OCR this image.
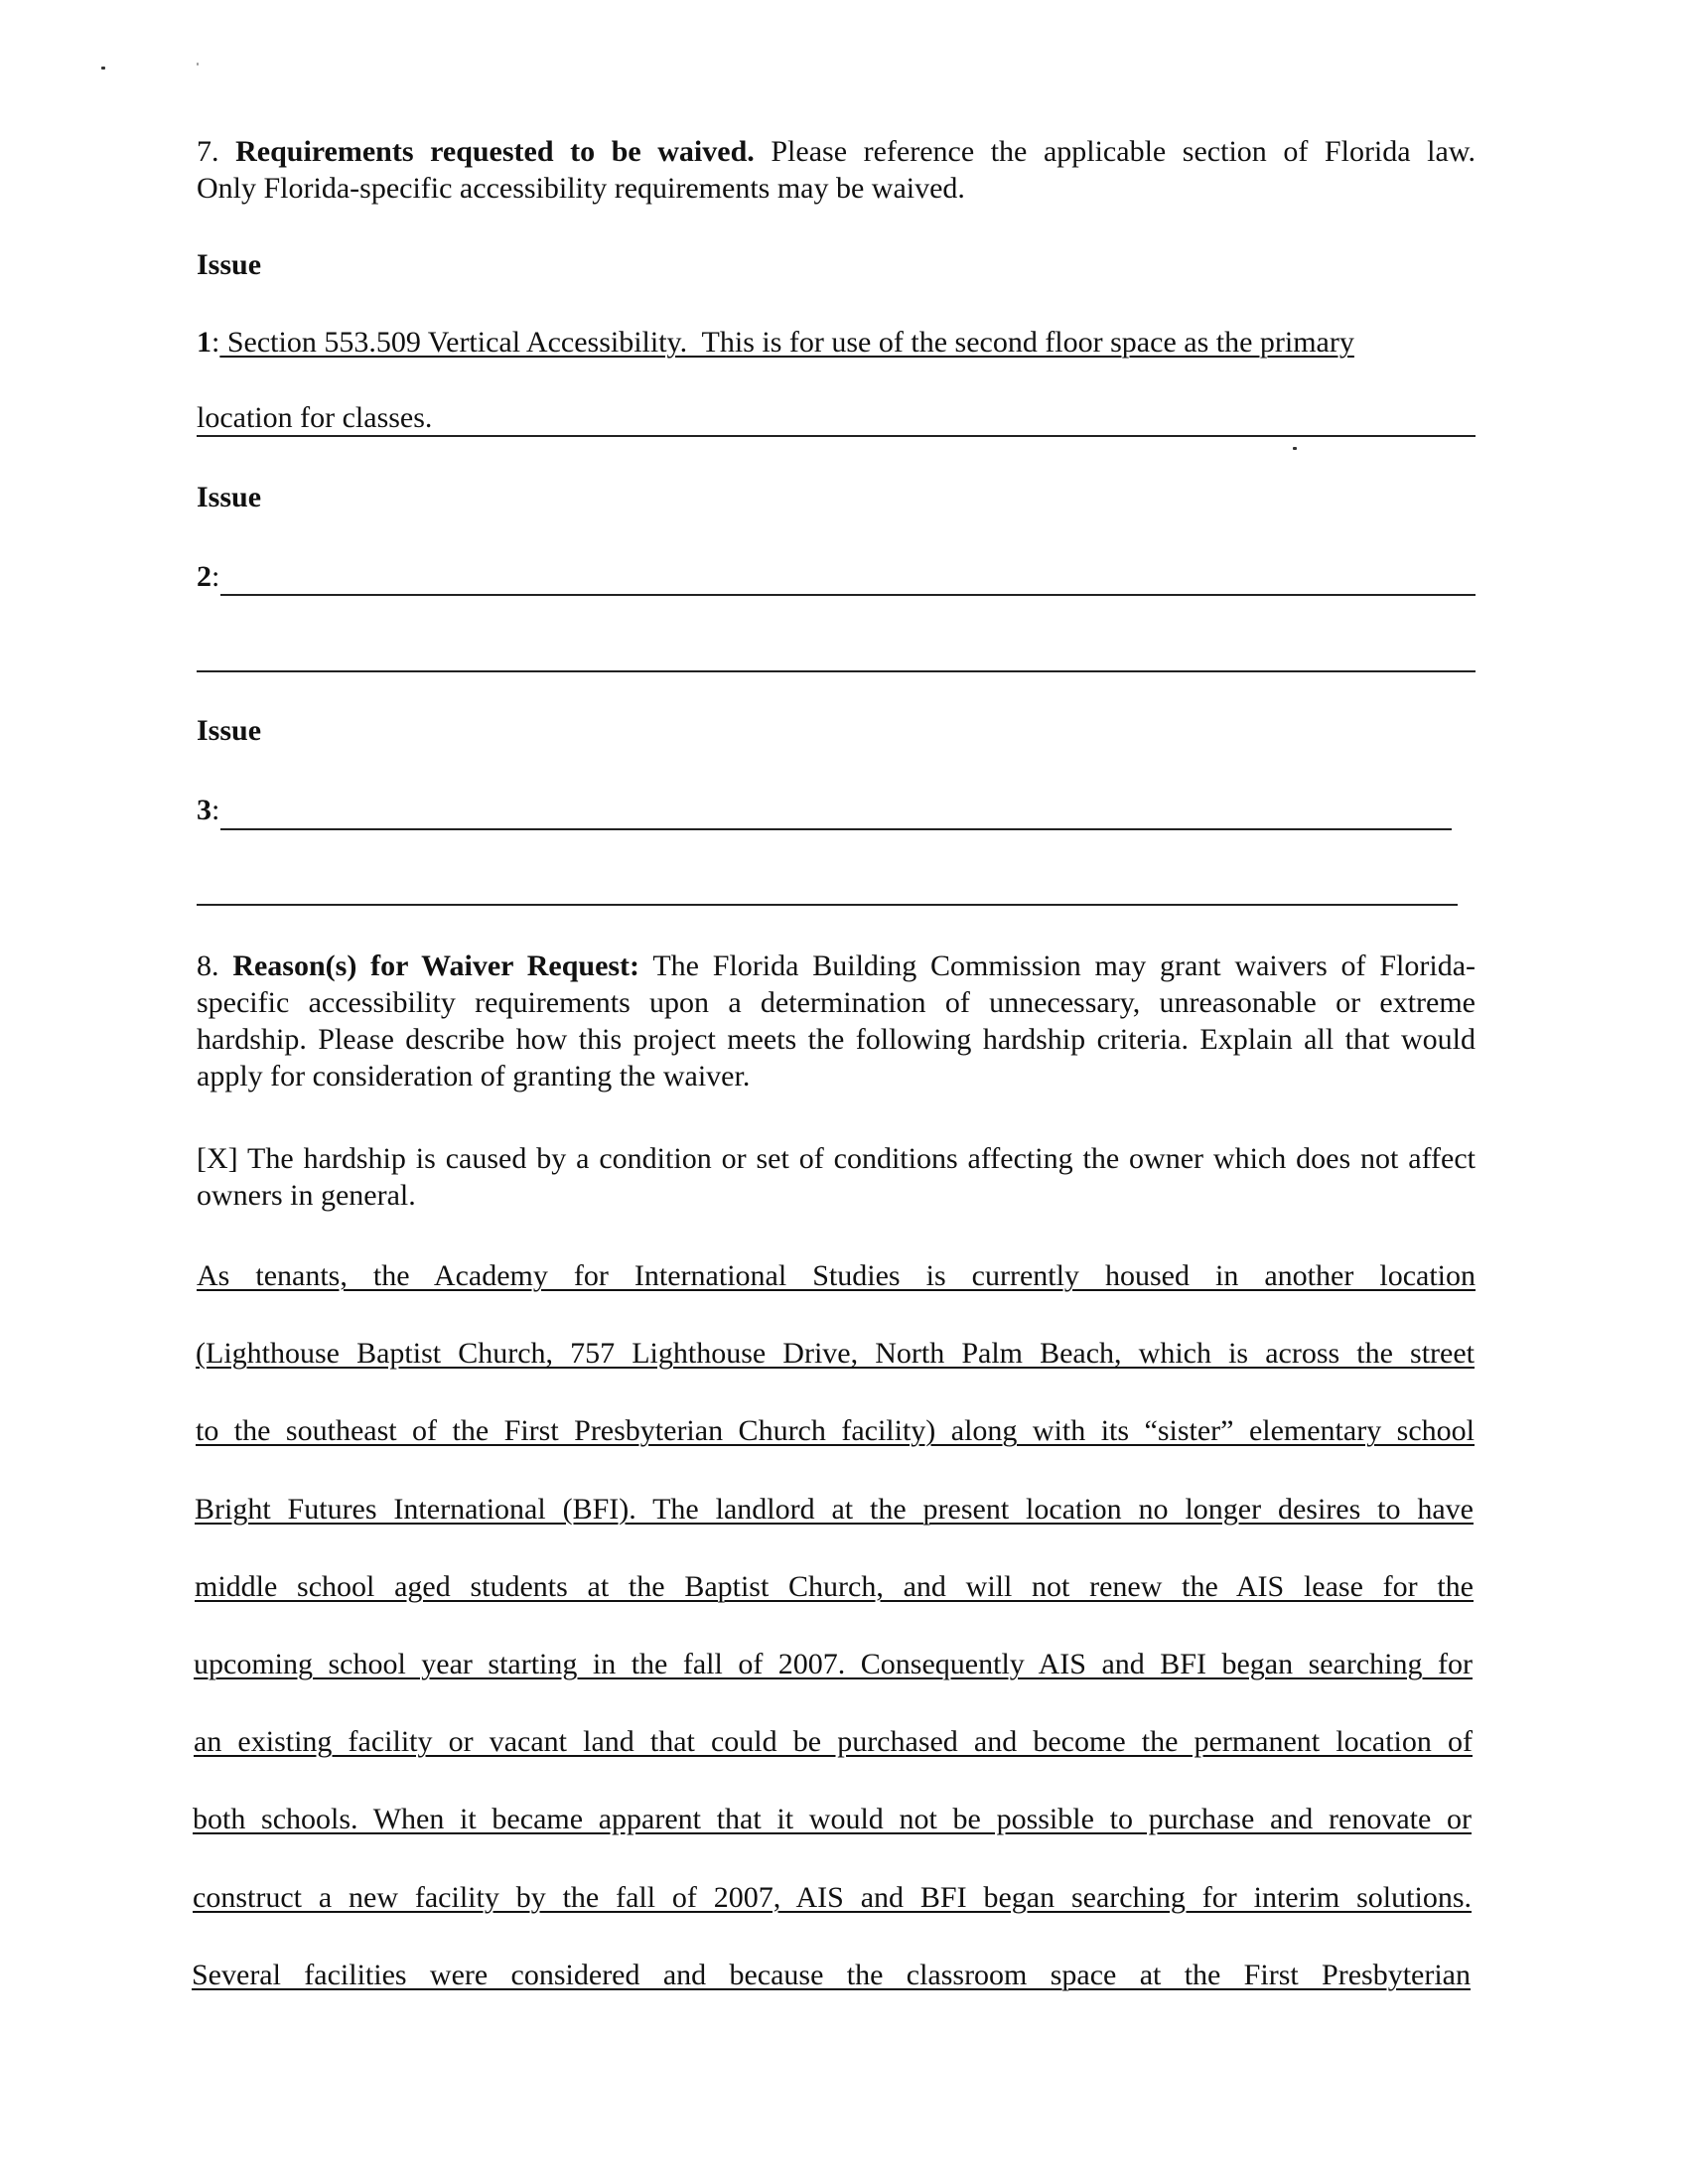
7. Requirements requested to be waived. Please reference the applicable section of Florida law.
Only Florida-specific accessibility requirements may be waived.
Issue
1: Section 553.509 Vertical Accessibility.  This is for use of the second floor space as the primary
location for classes.
Issue
2:
Issue
3:
8. Reason(s) for Waiver Request: The Florida Building Commission may grant waivers of Florida-specific accessibility requirements upon a determination of unnecessary, unreasonable or extreme hardship. Please describe how this project meets the following hardship criteria. Explain all that would apply for consideration of granting the waiver.
[X] The hardship is caused by a condition or set of conditions affecting the owner which does not affect owners in general.
As tenants, the Academy for International Studies is currently housed in another location
(Lighthouse Baptist Church, 757 Lighthouse Drive, North Palm Beach, which is across the street
to the southeast of the First Presbyterian Church facility) along with its “sister” elementary school
Bright Futures International (BFI). The landlord at the present location no longer desires to have
middle school aged students at the Baptist Church, and will not renew the AIS lease for the
upcoming school year starting in the fall of 2007. Consequently AIS and BFI began searching for
an existing facility or vacant land that could be purchased and become the permanent location of
both schools. When it became apparent that it would not be possible to purchase and renovate or
construct a new facility by the fall of 2007, AIS and BFI began searching for interim solutions.
Several facilities were considered and because the classroom space at the First Presbyterian
